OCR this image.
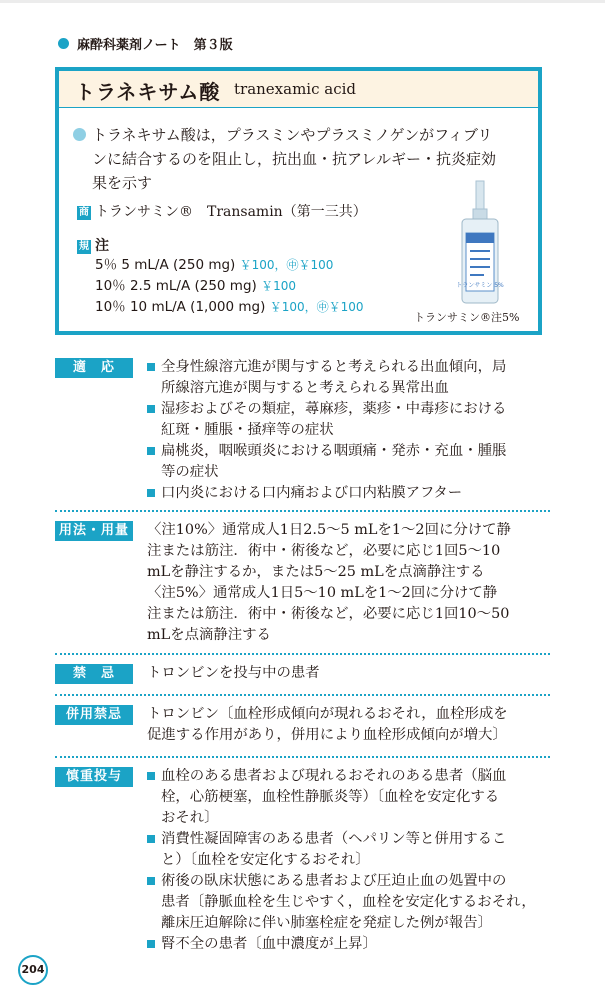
麻酔科薬剤ノート　第３版
トラネキサム酸 tranexamic acid

トラネキサム酸は，プラスミンやプラスミノゲンがフィブリ
ンに結合するのを阻止し，抗出血・抗アレルギー・抗炎症効
果を示す

商 トランサミン®　Transamin（第一三共）
規 注
5％ 5 mL/A (250 mg) ￥100，㊥￥100
10％ 2.5 mL/A (250 mg) ￥100
10％ 10 mL/A (1,000 mg) ￥100，㊥￥100
トランサミン 5%
トランサミン®注5%
適　応	全身性線溶亢進が関与すると考えられる出血傾向，局
所線溶亢進が関与すると考えられる異常出血

湿疹およびその類症，蕁麻疹，薬疹・中毒疹における
紅斑・腫脹・掻痒等の症状

扁桃炎，咽喉頭炎における咽頭痛・発赤・充血・腫脹
等の症状

口内炎における口内痛および口内粘膜アフター

用法・用量 〈注10%〉通常成人1日2.5～5 mLを1～2回に分けて静
注または筋注．術中・術後など，必要に応じ1回5～10
mLを静注するか，または5～25 mLを点滴静注する
〈注5%〉通常成人1日5～10 mLを1～2回に分けて静
注または筋注．術中・術後など，必要に応じ1回10～50
mLを点滴静注する
禁　忌	トロンビンを投与中の患者
併用禁忌	トロンビン〔血栓形成傾向が現れるおそれ，血栓形成を
促進する作用があり，併用により血栓形成傾向が増大〕
慎重投与	血栓のある患者および現れるおそれのある患者（脳血
栓，心筋梗塞，血栓性静脈炎等）〔血栓を安定化する
おそれ〕

消費性凝固障害のある患者（ヘパリン等と併用するこ
と）〔血栓を安定化するおそれ〕

術後の臥床状態にある患者および圧迫止血の処置中の
患者〔静脈血栓を生じやすく，血栓を安定化するおそれ，
離床圧迫解除に伴い肺塞栓症を発症した例が報告〕

腎不全の患者〔血中濃度が上昇〕

204
